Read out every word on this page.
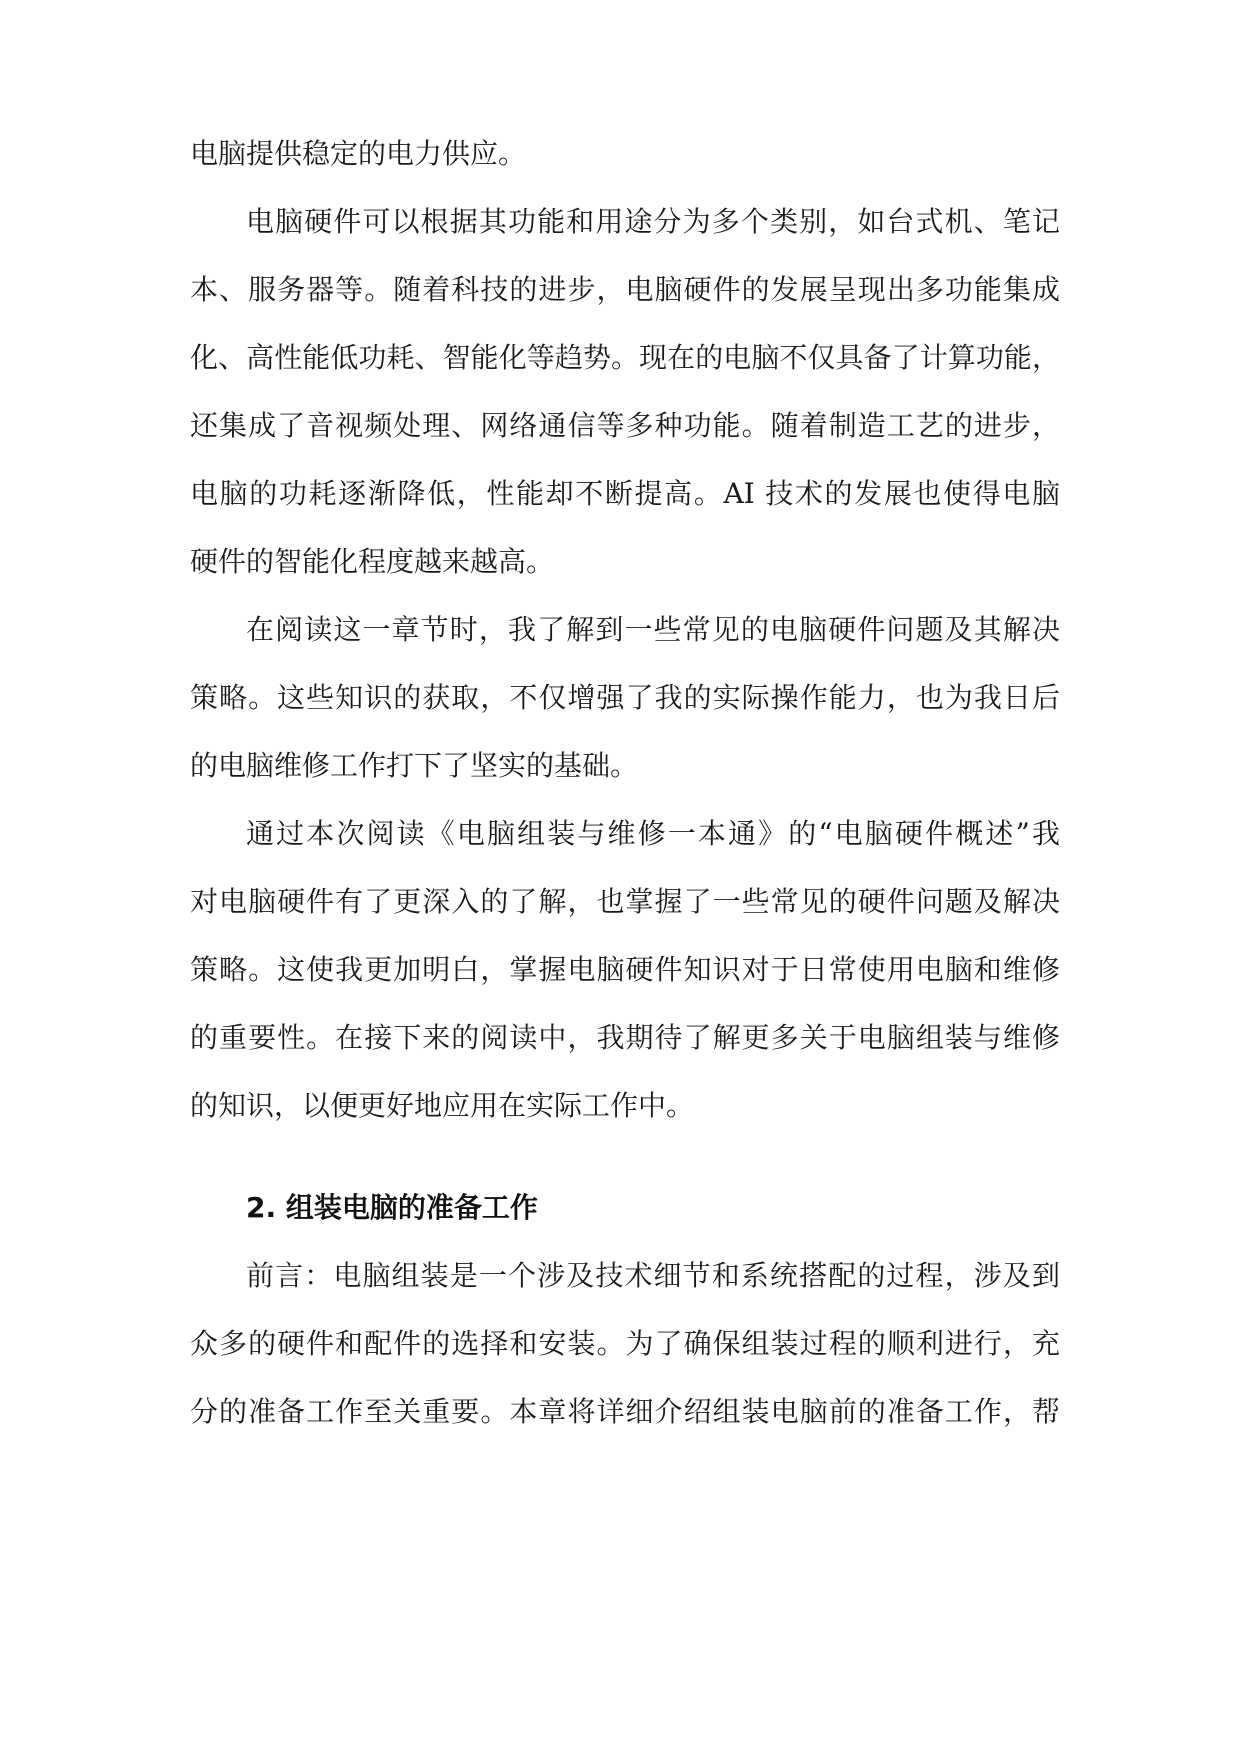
电脑提供稳定的电力供应。
电脑硬件可以根据其功能和用途分为多个类别，如台式机、笔记
本、服务器等。随着科技的进步，电脑硬件的发展呈现出多功能集成
化、高性能低功耗、智能化等趋势。现在的电脑不仅具备了计算功能，
还集成了音视频处理、网络通信等多种功能。随着制造工艺的进步，
电脑的功耗逐渐降低，性能却不断提高。AI 技术的发展也使得电脑
硬件的智能化程度越来越高。
在阅读这一章节时，我了解到一些常见的电脑硬件问题及其解决
策略。这些知识的获取，不仅增强了我的实际操作能力，也为我日后
的电脑维修工作打下了坚实的基础。
通过本次阅读《电脑组装与维修一本通》的“电脑硬件概述”我
对电脑硬件有了更深入的了解，也掌握了一些常见的硬件问题及解决
策略。这使我更加明白，掌握电脑硬件知识对于日常使用电脑和维修
的重要性。在接下来的阅读中，我期待了解更多关于电脑组装与维修
的知识，以便更好地应用在实际工作中。
2. 组装电脑的准备工作
前言：电脑组装是一个涉及技术细节和系统搭配的过程，涉及到
众多的硬件和配件的选择和安装。为了确保组装过程的顺利进行，充
分的准备工作至关重要。本章将详细介绍组装电脑前的准备工作，帮
